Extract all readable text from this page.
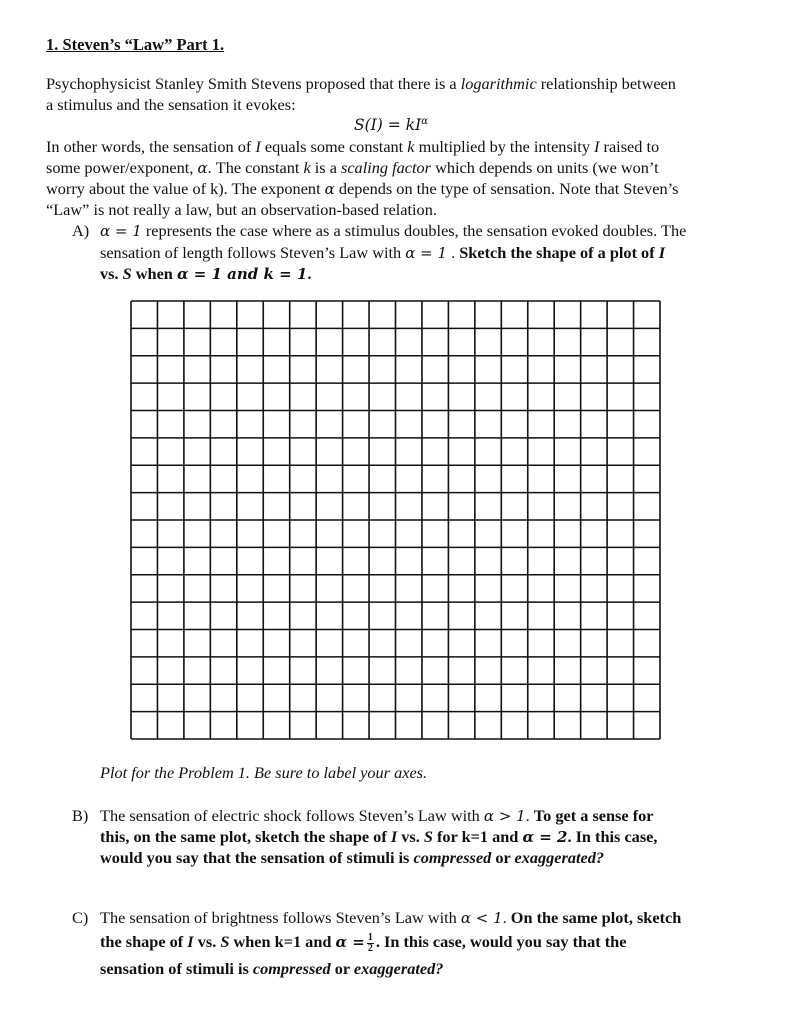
1. Steven’s “Law” Part 1.
Psychophysicist Stanley Smith Stevens proposed that there is a logarithmic relationship between
a stimulus and the sensation it evokes:
$S(I) = kI^\alpha$
In other words, the sensation of I equals some constant k multiplied by the intensity I raised to
some power/exponent, α. The constant k is a scaling factor which depends on units (we won’t
worry about the value of k). The exponent α depends on the type of sensation. Note that Steven’s
“Law” is not really a law, but an observation-based relation.
A) α = 1 represents the case where as a stimulus doubles, the sensation evoked doubles. The
sensation of length follows Steven’s Law with α = 1 . Sketch the shape of a plot of I
vs. S when α = 1 and k = 1.
Plot for the Problem 1. Be sure to label your axes.
B) The sensation of electric shock follows Steven’s Law with α > 1. To get a sense for
this, on the same plot, sketch the shape of I vs. S for k=1 and α = 2. In this case,
would you say that the sensation of stimuli is compressed or exaggerated?
C) The sensation of brightness follows Steven’s Law with α < 1. On the same plot, sketch
the shape of I vs. S when k=1 and $\alpha = \frac{1}{2}$ . In this case, would you say that the
sensation of stimuli is compressed or exaggerated?
